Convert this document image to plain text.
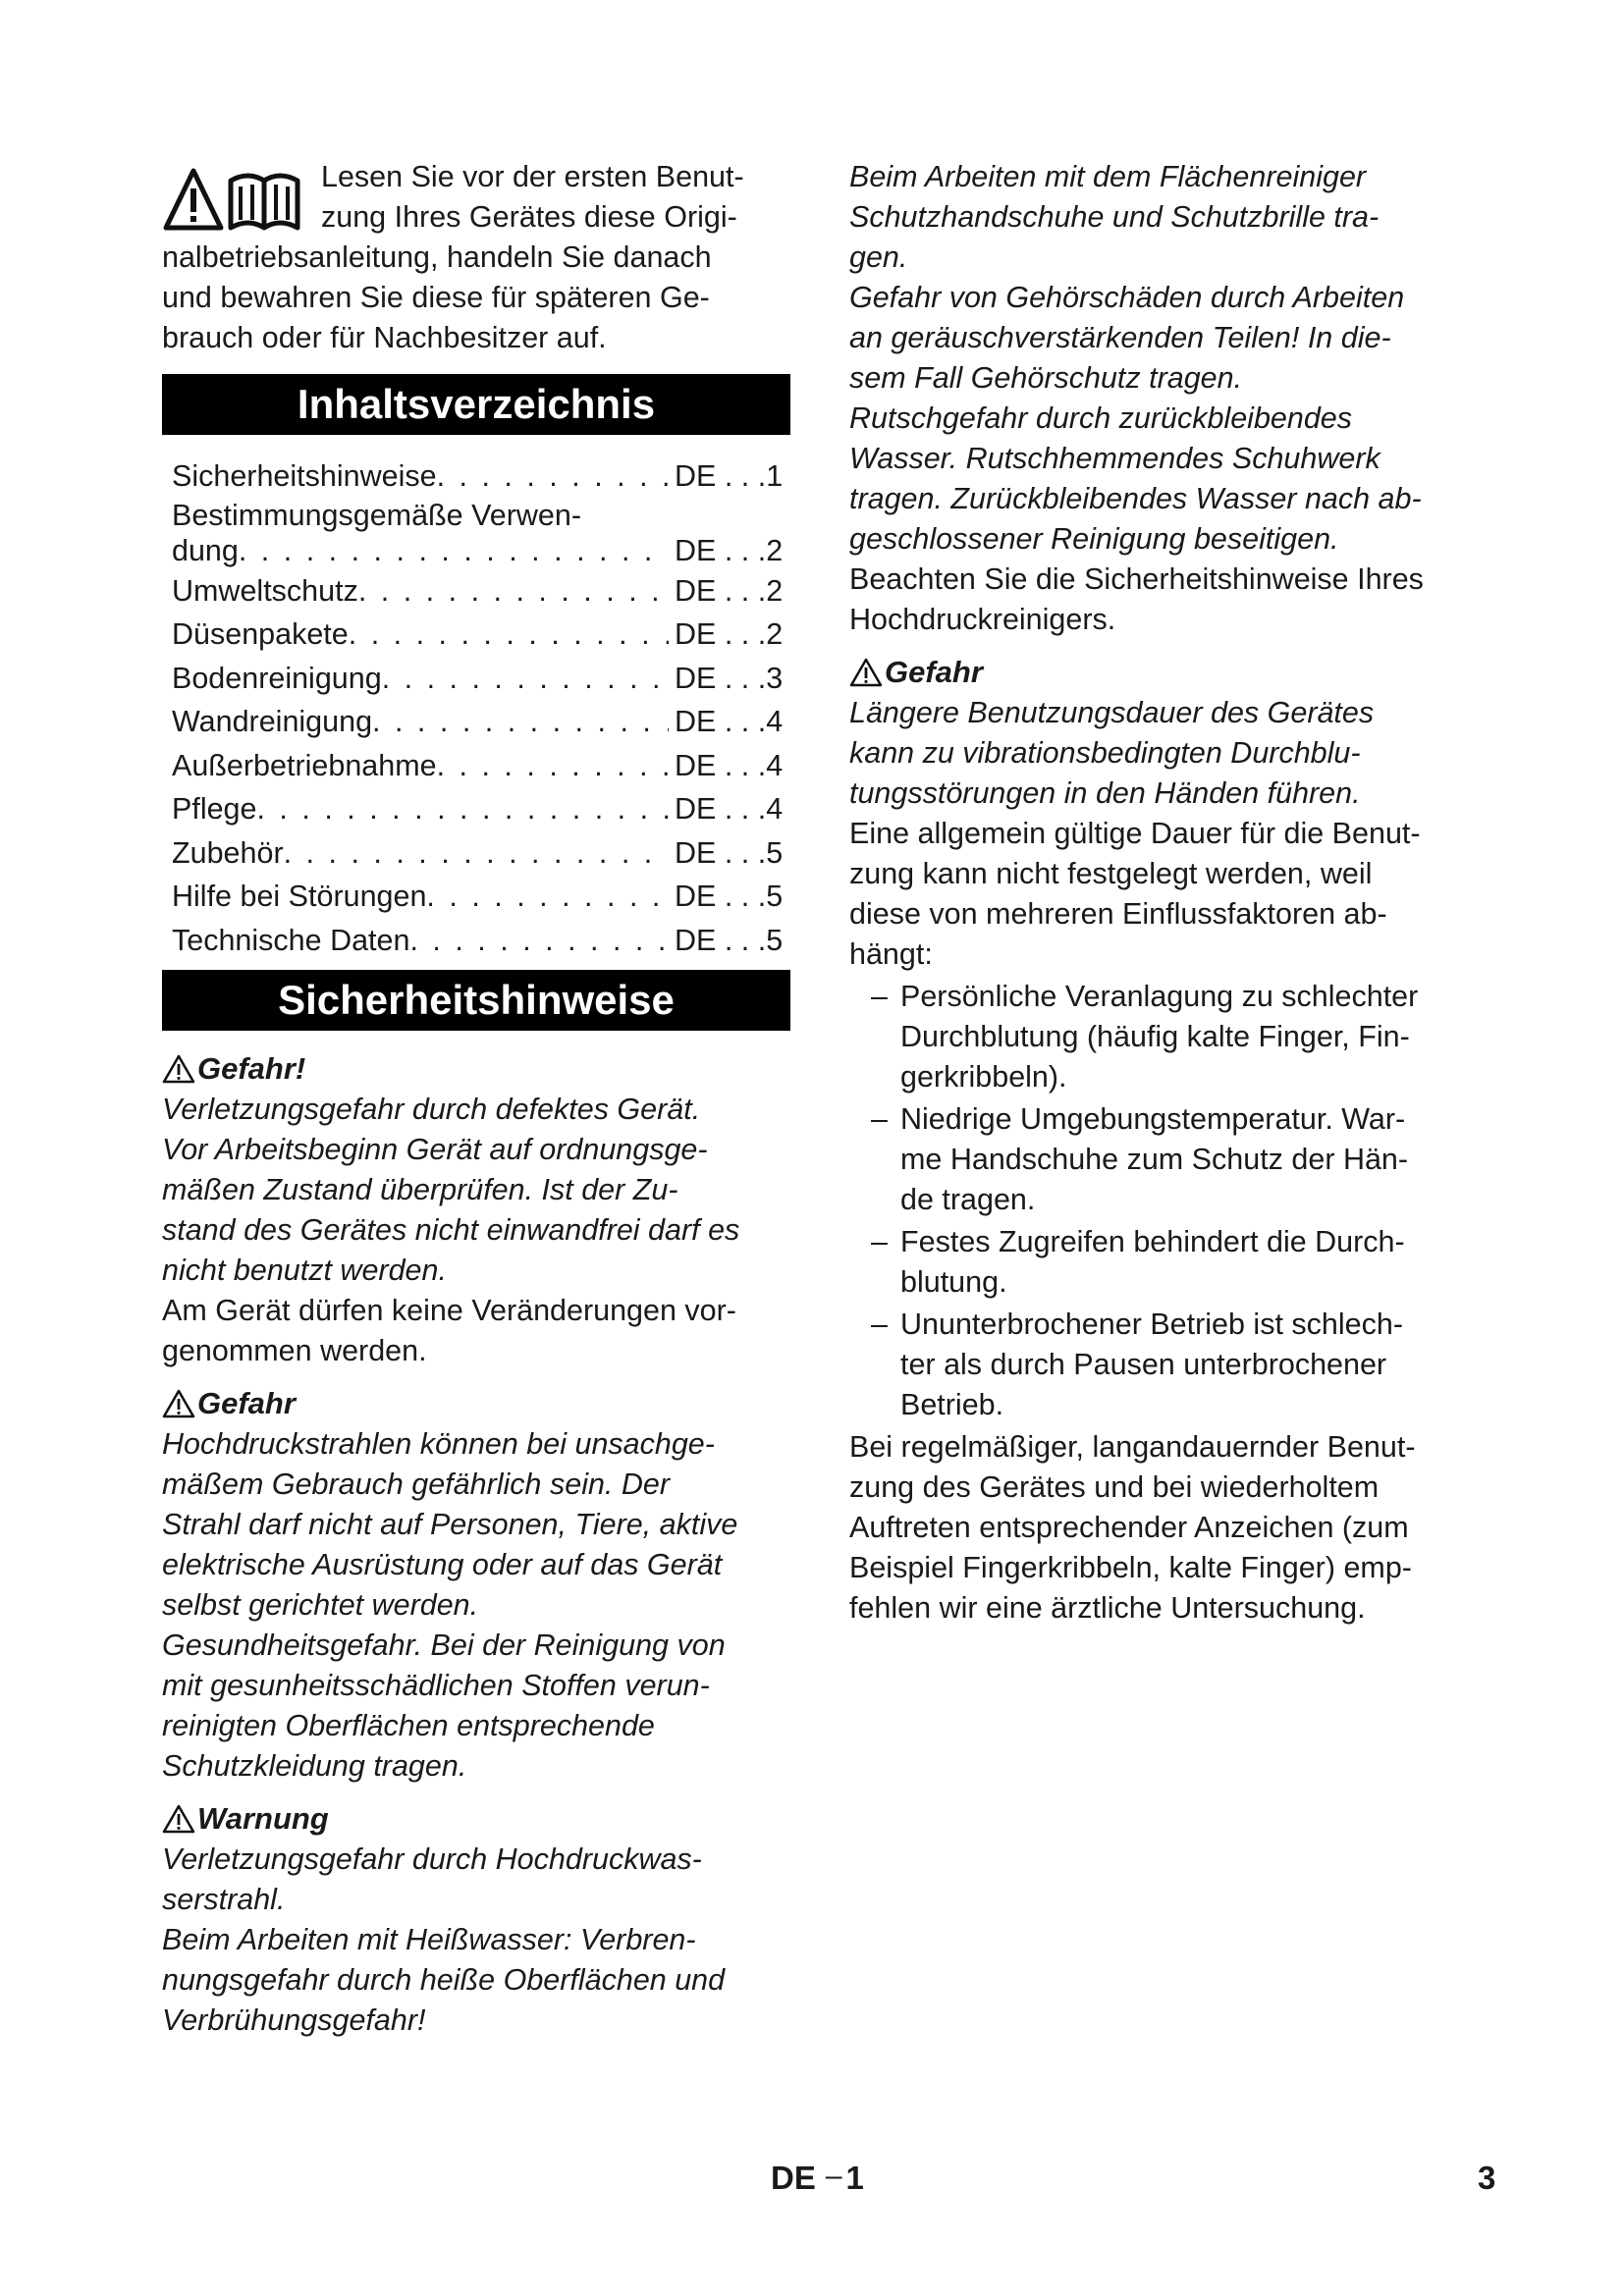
Lesen Sie vor der ersten Benut-

zung Ihres Gerätes diese Origi-

nalbetriebsanleitung, handeln Sie danach

und bewahren Sie diese für späteren Ge-

brauch oder für Nachbesitzer auf.

Inhaltsverzeichnis
Sicherheitshinweise . . .	DE . . .1
Bestimmungsgemäße Verwen-
dung . . .	DE . . .2
Umweltschutz . . .	DE . . .2
Düsenpakete . . .	DE . . .2
Bodenreinigung . . .	DE . . .3
Wandreinigung . . .	DE . . .4
Außerbetriebnahme . . .	DE . . .4
Pflege . . .	DE . . .4
Zubehör . . .	DE . . .5
Hilfe bei Störungen . . .	DE . . .5
Technische Daten . . .	DE . . .5
Sicherheitshinweise
Gefahr!

Verletzungsgefahr durch defektes Gerät.

Vor Arbeitsbeginn Gerät auf ordnungsge-

mäßen Zustand überprüfen. Ist der Zu-

stand des Gerätes nicht einwandfrei darf es

nicht benutzt werden.

Am Gerät dürfen keine Veränderungen vor-

genommen werden.

Gefahr

Hochdruckstrahlen können bei unsachge-

mäßem Gebrauch gefährlich sein. Der

Strahl darf nicht auf Personen, Tiere, aktive

elektrische Ausrüstung oder auf das Gerät

selbst gerichtet werden.

Gesundheitsgefahr. Bei der Reinigung von

mit gesunheitsschädlichen Stoffen verun-

reinigten Oberflächen entsprechende

Schutzkleidung tragen.

Warnung

Verletzungsgefahr durch Hochdruckwas-

serstrahl.

Beim Arbeiten mit Heißwasser: Verbren-

nungsgefahr durch heiße Oberflächen und

Verbrühungsgefahr!

Beim Arbeiten mit dem Flächenreiniger

Schutzhandschuhe und Schutzbrille tra-

gen.

Gefahr von Gehörschäden durch Arbeiten

an geräuschverstärkenden Teilen! In die-

sem Fall Gehörschutz tragen.

Rutschgefahr durch zurückbleibendes

Wasser. Rutschhemmendes Schuhwerk

tragen. Zurückbleibendes Wasser nach ab-

geschlossener Reinigung beseitigen.

Beachten Sie die Sicherheitshinweise Ihres

Hochdruckreinigers.

Gefahr

Längere Benutzungsdauer des Gerätes

kann zu vibrationsbedingten Durchblu-

tungsstörungen in den Händen führen.

Eine allgemein gültige Dauer für die Benut-

zung kann nicht festgelegt werden, weil

diese von mehreren Einflussfaktoren ab-

hängt:

– Persönliche Veranlagung zu schlechter
Durchblutung (häufig kalte Finger, Fin-
gerkribbeln).
– Niedrige Umgebungstemperatur. War-
me Handschuhe zum Schutz der Hän-
de tragen.
– Festes Zugreifen behindert die Durch-
blutung.
– Ununterbrochener Betrieb ist schlech-
ter als durch Pausen unterbrochener
Betrieb.

Bei regelmäßiger, langandauernder Benut-

zung des Gerätes und bei wiederholtem

Auftreten entsprechender Anzeichen (zum

Beispiel Fingerkribbeln, kalte Finger) emp-

fehlen wir eine ärztliche Untersuchung.

DE – 1	3
